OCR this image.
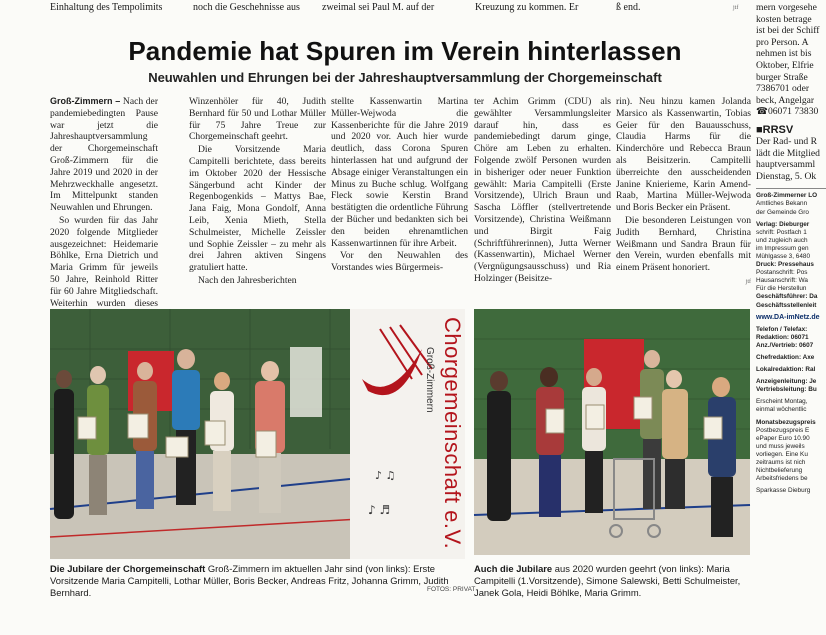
Einhaltung des Tempolimits	noch die Geschehnisse aus zweimal sei Paul M. auf der	Kreuzung zu kommen. Er	ß end.	jtf
Pandemie hat Spuren im Verein hinterlassen
Neuwahlen und Ehrungen bei der Jahreshauptversammlung der Chorgemeinschaft

Groß-Zimmern – Nach der pandemiebedingten Pause war jetzt die Jahreshauptversammlung der Chorgemeinschaft Groß-Zimmern für die Jahre 2019 und 2020 in der Mehrzweckhalle angesetzt. Im Mittelpunkt standen Neuwahlen und Ehrungen.

So wurden für das Jahr 2020 folgende Mitglieder ausgezeichnet: Heidemarie Böhlke, Erna Dietrich und Maria Grimm für jeweils 50 Jahre, Reinhold Ritter für 60 Jahre Mitgliedschaft. Weiterhin wurden dieses

Winzenhöler für 40, Judith Bernhard für 50 und Lothar Müller für 75 Jahre Treue zur Chorgemeinschaft geehrt.

Die Vorsitzende Maria Campitelli berichtete, dass bereits im Oktober 2020 der Hessische Sängerbund acht Kinder der Regenbogenkids – Mattys Bae, Jana Faig, Mona Gondolf, Anna Leib, Xenia Mieth, Stella Schulmeister, Michelle Zeissler und Sophie Zeissler – zu mehr als drei Jahren aktiven Singens gratuliert hatte.

Nach den Jahresberichten

stellte Kassenwartin Martina Müller-Wejwoda die Kassenberichte für die Jahre 2019 und 2020 vor. Auch hier wurde deutlich, dass Corona Spuren hinterlassen hat und aufgrund der Absage einiger Veranstaltungen ein Minus zu Buche schlug. Wolfgang Fleck sowie Kerstin Brand bestätigten die ordentliche Führung der Bücher und bedankten sich bei den beiden ehrenamtlichen Kassenwartinnen für ihre Arbeit.

Vor den Neuwahlen des Vorstandes wies Bürgermeis-

ter Achim Grimm (CDU) als gewählter Versammlungsleiter darauf hin, dass es pandemiebedingt darum ginge, Chöre am Leben zu erhalten. Folgende zwölf Personen wurden in bisheriger oder neuer Funktion gewählt: Maria Campitelli (Erste Vorsitzende), Ulrich Braun und Sascha Löffler (stellvertretende Vorsitzende), Christina Weißmann und Birgit Faig (Schriftführerinnen), Jutta Werner (Kassenwartin), Michael Werner (Vergnügungsausschuss) und Ria Holzinger (Beisitze-

rin). Neu hinzu kamen Jolanda Marsico als Kassenwartin, Tobias Geier für den Bauausschuss, Claudia Harms für die Kinderchöre und Rebecca Braun als Beisitzerin. Campitelli überreichte den ausscheidenden Janine Knierieme, Karin Amend-Raab, Martina Müller-Wejwoda und Boris Becker ein Präsent.

Die besonderen Leistungen von Judith Bernhard, Christina Weißmann und Sandra Braun für den Verein, wurden ebenfalls mit einem Präsent honoriert.

jtf

♪ ♫
♪ ♬ Chorgemeinschaft e.V.
Groß-Zimmern
Die Jubilare der Chorgemeinschaft Groß-Zimmern im aktuellen Jahr sind (von links): Erste Vorsitzende Maria Campitelli, Lothar Müller, Boris Becker, Andreas Fritz, Johanna Grimm, Judith Bernhard.	FOTOS: PRIVAT
Auch die Jubilare aus 2020 wurden geehrt (von links): Maria Campitelli (1.Vorsitzende), Simone Salewski, Betti Schulmeister, Janek Gola, Heidi Böhlke, Maria Grimm.
mern vorgesehe
kosten betrage
ist bei der Schiff
pro Person. A
nehmen ist bis
Oktober, Elfrie
burger Straße
7386701 oder
beck, Angelgar
☎06071 73830
■RRSV
Der Rad- und R
lädt die Mitglied
hauptversamml
Dienstag, 5. Ok
Groß-Zimmerner LO
Amtliches Bekann
der Gemeinde Gro
Verlag: Dieburger
schrift: Postfach 1
und zugleich auch
im Impressum gen
Mühlgasse 3, 6480
Druck: Pressehaus
Postanschrift: Pos
Hausanschrift: Wa
Für die Herstellun
Geschäftsführer: Da
Geschäftsstellenleit
www.DA-imNetz.de
Telefon / Telefax:
Redaktion: 06071
Anz./Vertrieb: 0607
Chefredaktion: Axe
Lokalredaktion: Ral
Anzeigenleitung: Je
Vertriebsleitung: Bu
Erscheint Montag,
einmal wöchentlic
Monatsbezugspreis
Postbezugspreis E
ePaper Euro 10.90
und muss jeweils
vorliegen. Eine Ku
zeitraums ist nich
Nichtbelieferung
Arbeitsfriedens be
Sparkasse Dieburg
